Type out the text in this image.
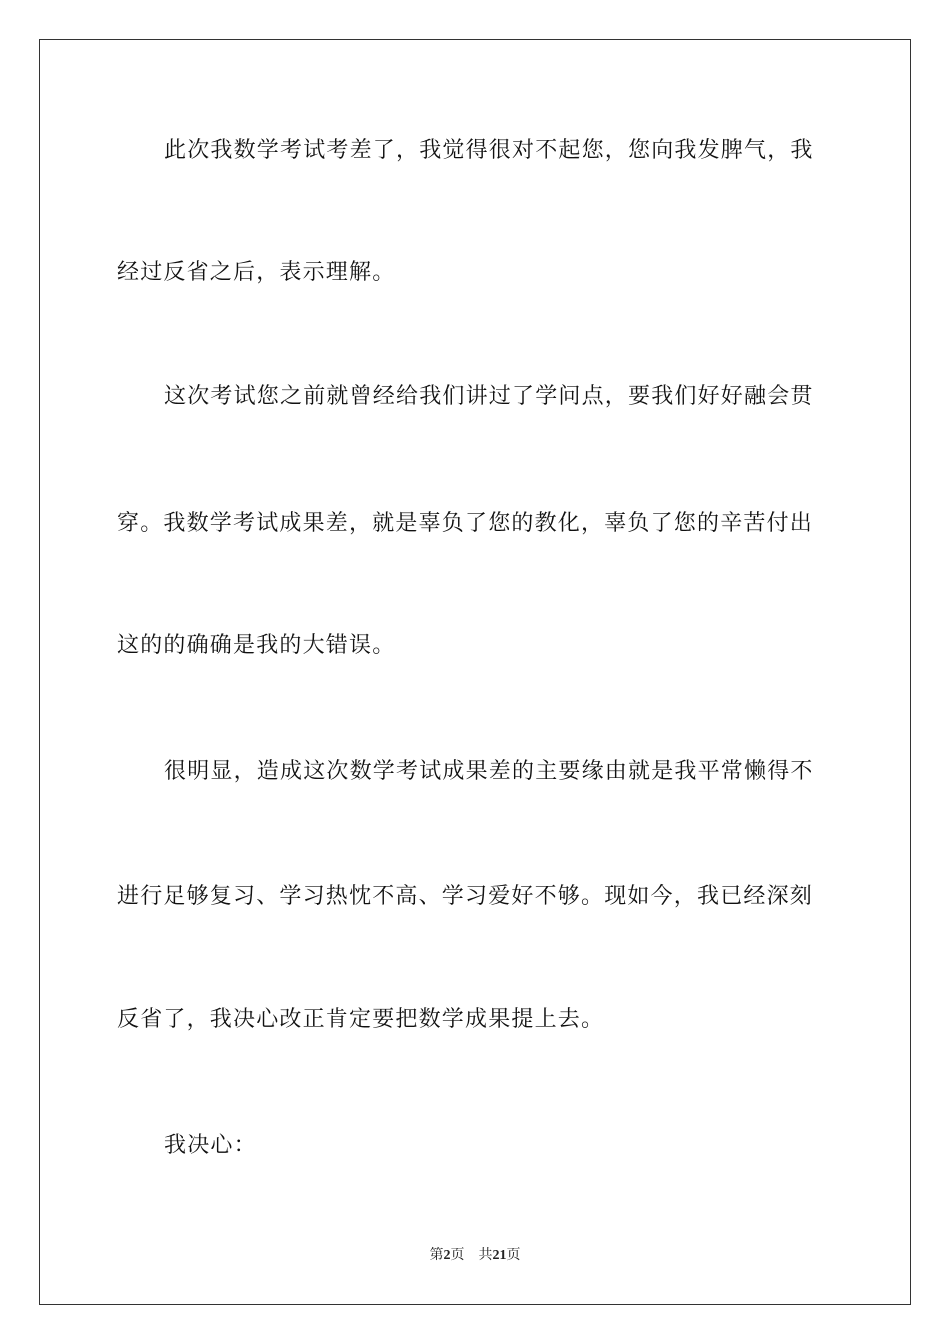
此次我数学考试考差了，我觉得很对不起您，您向我发脾气，我
经过反省之后，表示理解。
这次考试您之前就曾经给我们讲过了学问点，要我们好好融会贯
穿。我数学考试成果差，就是辜负了您的教化，辜负了您的辛苦付出
这的的确确是我的大错误。
很明显，造成这次数学考试成果差的主要缘由就是我平常懒得不
进行足够复习、学习热忱不高、学习爱好不够。现如今，我已经深刻
反省了，我决心改正肯定要把数学成果提上去。
我决心：
第2页 共21页
